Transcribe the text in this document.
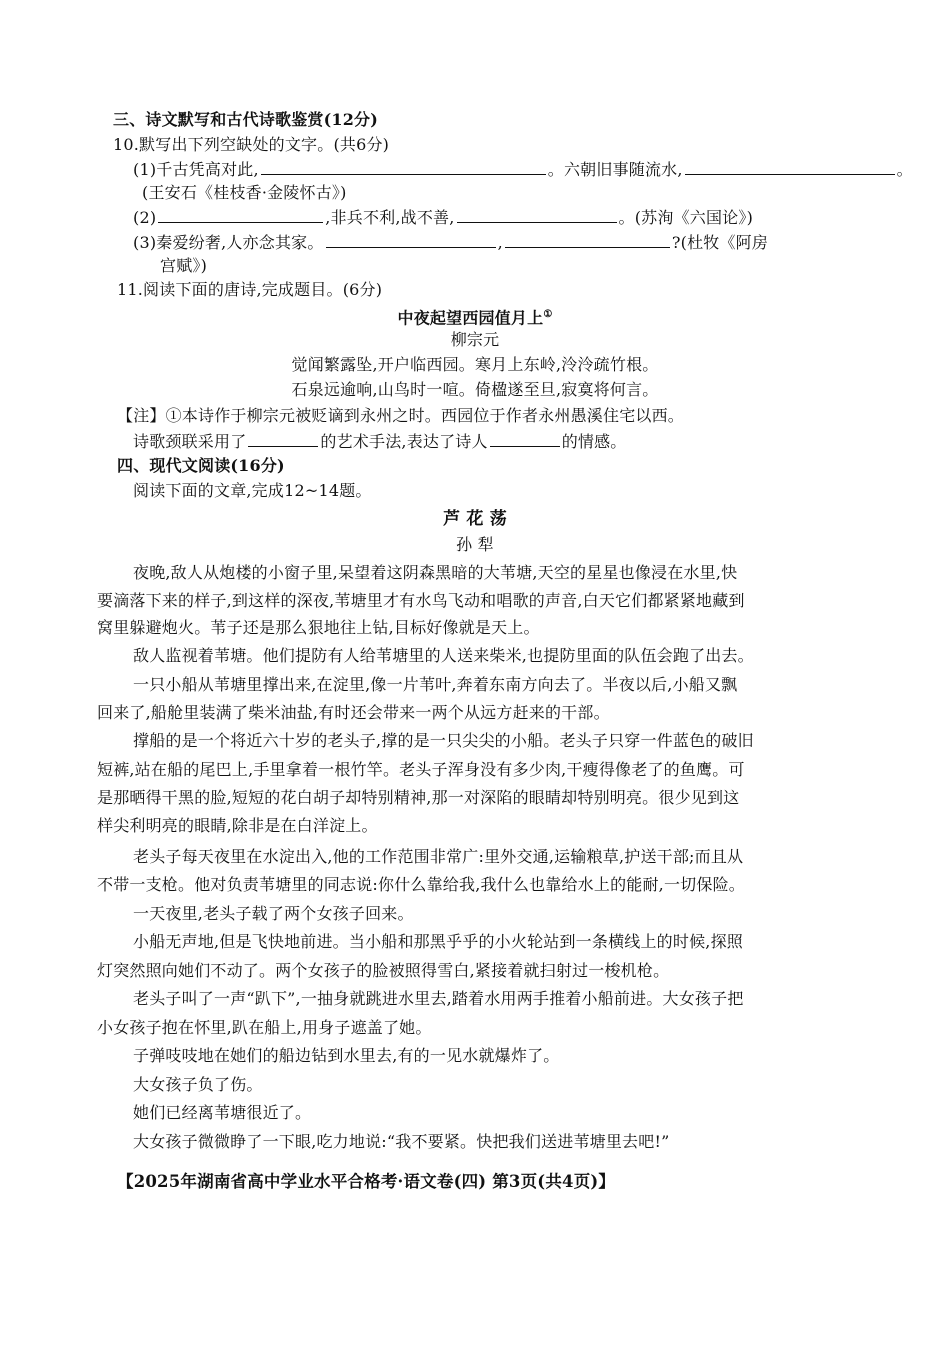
三、诗文默写和古代诗歌鉴赏(12分)
10.默写出下列空缺处的文字。(共6分)
(1)千古凭高对此,	。六朝旧事随流水,	。
(王安石《桂枝香·金陵怀古》)
(2)	,非兵不利,战不善,	。(苏洵《六国论》)
(3)秦爱纷奢,人亦念其家。	,	?(杜牧《阿房
宫赋》)
11.阅读下面的唐诗,完成题目。(6分)
中夜起望西园值月上①
柳宗元
觉闻繁露坠,开户临西园。寒月上东岭,泠泠疏竹根。
石泉远逾响,山鸟时一喧。倚楹遂至旦,寂寞将何言。
【注】①本诗作于柳宗元被贬谪到永州之时。西园位于作者永州愚溪住宅以西。
诗歌颈联采用了	的艺术手法,表达了诗人	的情感。
四、现代文阅读(16分)
阅读下面的文章,完成12~14题。
芦 花 荡
孙 犁
夜晚,敌人从炮楼的小窗子里,呆望着这阴森黑暗的大苇塘,天空的星星也像浸在水里,快
要滴落下来的样子,到这样的深夜,苇塘里才有水鸟飞动和唱歌的声音,白天它们都紧紧地藏到
窝里躲避炮火。苇子还是那么狠地往上钻,目标好像就是天上。
敌人监视着苇塘。他们提防有人给苇塘里的人送来柴米,也提防里面的队伍会跑了出去。
一只小船从苇塘里撑出来,在淀里,像一片苇叶,奔着东南方向去了。半夜以后,小船又飘
回来了,船舱里装满了柴米油盐,有时还会带来一两个从远方赶来的干部。
撑船的是一个将近六十岁的老头子,撑的是一只尖尖的小船。老头子只穿一件蓝色的破旧
短裤,站在船的尾巴上,手里拿着一根竹竿。老头子浑身没有多少肉,干瘦得像老了的鱼鹰。可
是那晒得干黑的脸,短短的花白胡子却特别精神,那一对深陷的眼睛却特别明亮。很少见到这
样尖利明亮的眼睛,除非是在白洋淀上。
老头子每天夜里在水淀出入,他的工作范围非常广:里外交通,运输粮草,护送干部;而且从
不带一支枪。他对负责苇塘里的同志说:你什么靠给我,我什么也靠给水上的能耐,一切保险。
一天夜里,老头子载了两个女孩子回来。
小船无声地,但是飞快地前进。当小船和那黑乎乎的小火轮站到一条横线上的时候,探照
灯突然照向她们不动了。两个女孩子的脸被照得雪白,紧接着就扫射过一梭机枪。
老头子叫了一声“趴下”,一抽身就跳进水里去,踏着水用两手推着小船前进。大女孩子把
小女孩子抱在怀里,趴在船上,用身子遮盖了她。
子弹吱吱地在她们的船边钻到水里去,有的一见水就爆炸了。
大女孩子负了伤。
她们已经离苇塘很近了。
大女孩子微微睁了一下眼,吃力地说:“我不要紧。快把我们送进苇塘里去吧!”
【2025年湖南省高中学业水平合格考·语文卷(四) 第3页(共4页)】
